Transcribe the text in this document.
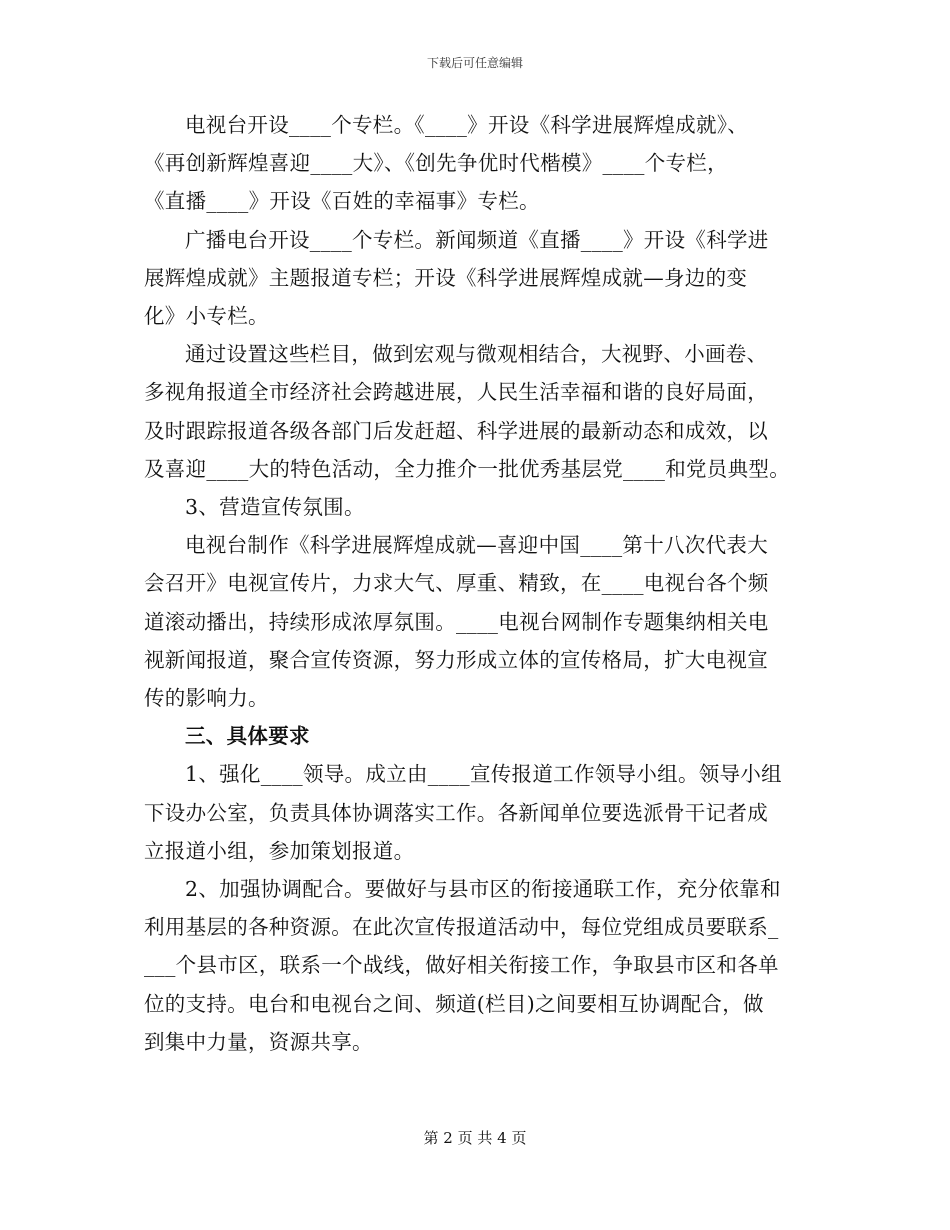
下载后可任意编辑

电视台开设____个专栏。《____》开设《科学进展辉煌成就》、
《再创新辉煌喜迎____大》、《创先争优时代楷模》____个专栏，
《直播____》开设《百姓的幸福事》专栏。

广播电台开设____个专栏。新闻频道《直播____》开设《科学进
展辉煌成就》主题报道专栏；开设《科学进展辉煌成就—身边的变
化》小专栏。

通过设置这些栏目，做到宏观与微观相结合，大视野、小画卷、
多视角报道全市经济社会跨越进展，人民生活幸福和谐的良好局面，
及时跟踪报道各级各部门后发赶超、科学进展的最新动态和成效，以
及喜迎____大的特色活动，全力推介一批优秀基层党____和党员典型。

3、营造宣传氛围。

电视台制作《科学进展辉煌成就—喜迎中国____第十八次代表大
会召开》电视宣传片，力求大气、厚重、精致，在____电视台各个频
道滚动播出，持续形成浓厚氛围。____电视台网制作专题集纳相关电
视新闻报道，聚合宣传资源，努力形成立体的宣传格局，扩大电视宣
传的影响力。

三、具体要求

1、强化____领导。成立由____宣传报道工作领导小组。领导小组
下设办公室，负责具体协调落实工作。各新闻单位要选派骨干记者成
立报道小组，参加策划报道。

2、加强协调配合。要做好与县市区的衔接通联工作，充分依靠和
利用基层的各种资源。在此次宣传报道活动中，每位党组成员要联系_
___个县市区，联系一个战线，做好相关衔接工作，争取县市区和各单
位的支持。电台和电视台之间、频道(栏目)之间要相互协调配合，做
到集中力量，资源共享。

第 2 页 共 4 页
